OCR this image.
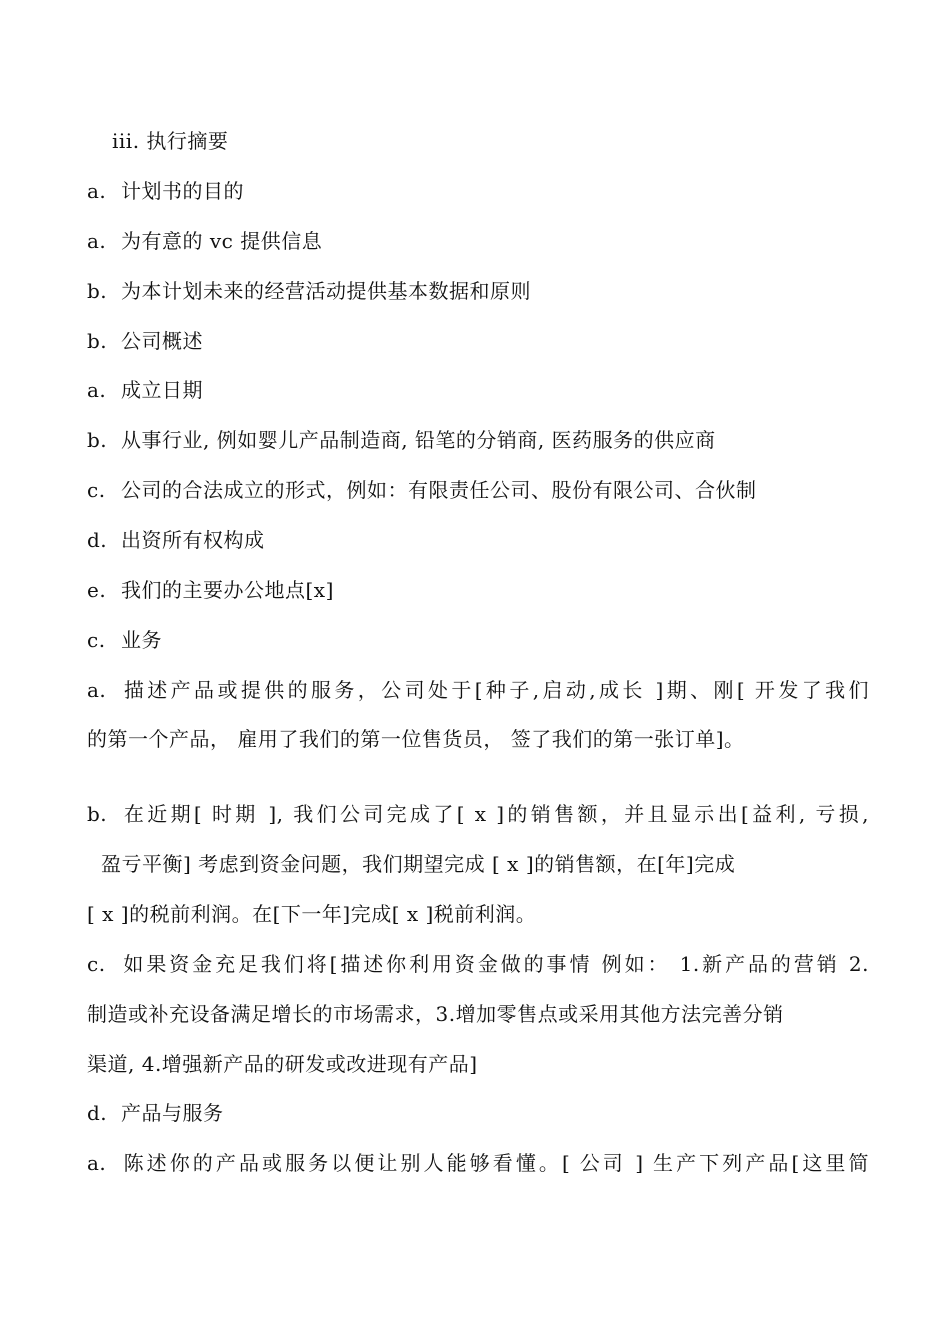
iii. 执行摘要
a. 计划书的目的
a. 为有意的 vc 提供信息
b. 为本计划未来的经营活动提供基本数据和原则
b. 公司概述
a. 成立日期
b. 从事行业, 例如婴儿产品制造商, 铅笔的分销商, 医药服务的供应商
c. 公司的合法成立的形式，例如：有限责任公司、股份有限公司、合伙制
d. 出资所有权构成
e. 我们的主要办公地点[x]
c. 业务
a. 描述产品或提供的服务，公司处于[种子,启动,成长 ]期、刚[ 开发了我们
的第一个产品， 雇用了我们的第一位售货员， 签了我们的第一张订单]。
b. 在近期[ 时期 ], 我们公司完成了[ x ]的销售额，并且显示出[益利, 亏损,
盈亏平衡] 考虑到资金问题，我们期望完成 [ x ]的销售额，在[年]完成
[ x ]的税前利润。在[下一年]完成[ x ]税前利润。
c. 如果资金充足我们将[描述你利用资金做的事情 例如： 1.新产品的营销 2.
制造或补充设备满足增长的市场需求，3.增加零售点或采用其他方法完善分销
渠道, 4.增强新产品的研发或改进现有产品]
d. 产品与服务
a. 陈述你的产品或服务以便让别人能够看懂。[ 公司 ] 生产下列产品[这里简
